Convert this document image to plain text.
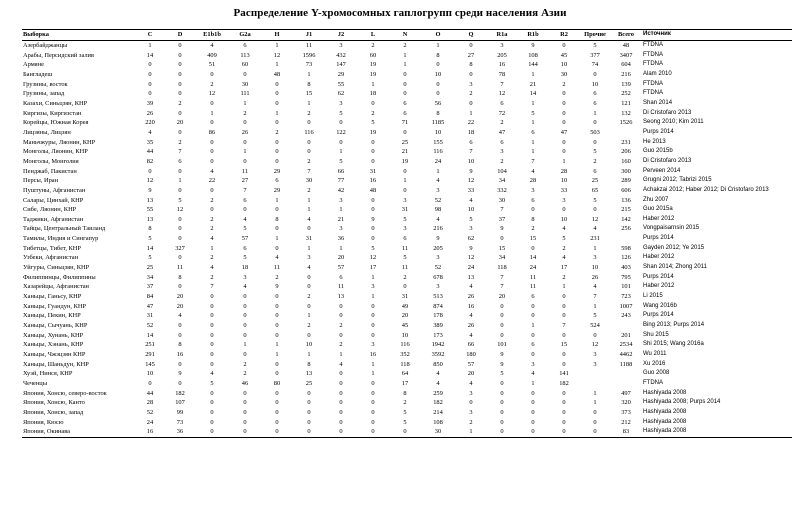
Распределение Y-хромосомных гаплогрупп среди населения Азии
Выборка	C	D	E1b1b	G2a	H	J1	J2	L	N	O	Q	R1a	R1b	R2	Прочие	Всего	Источник
Азербайджанцы	1	0	4	6	1	11	3	2	2	1	0	3	9	0	5	48	FTDNA
Арабы, Персидский залив	14	0	409	113	12	1596	432	60	1	8	27	205	108	45	377	3407	FTDNA
Армяне	0	0	51	60	1	73	147	19	1	0	8	16	144	10	74	604	FTDNA
Бангладеш	0	0	0	0	48	1	29	19	0	10	0	78	1	30	0	216	Alam 2010
Грузины, восток	0	0	2	30	0	8	55	1	0	0	3	7	21	2	10	139	FTDNA
Грузины, запад	0	0	12	111	0	15	62	18	0	0	2	12	14	0	6	252	FTDNA
Казахи, Синьцзян, КНР	39	2	0	1	0	1	3	0	6	56	0	6	1	0	6	121	Shan 2014
Киргизы, Киргизстан	26	0	1	2	1	2	5	2	6	8	1	72	5	0	1	132	Di Cristofaro 2013
Корейцы, Южная Корея	220	20	0	0	0	0	0	5	71	1185	22	2	1	0	0	1526	Seong 2010; Kim 2011
Лицзяны, Лицзян	4	0	86	26	2	116	122	19	0	10	18	47	6	47	503		Purps 2014
Маньчжуры, Ляонин, КНР	35	2	0	0	0	0	0	0	25	155	6	6	1	0	0	231	He 2013
Монголы, Ляонин, КНР	44	7	0	1	0	0	1	0	21	116	7	3	1	0	5	206	Guo 2015b
Монголы, Монголия	82	6	0	0	0	2	5	0	19	24	10	2	7	1	2	160	Di Cristofaro 2013
Пенджаб, Пакистан	0	0	4	11	29	7	66	31	0	1	9	104	4	28	6	300	Perveen 2014
Персы, Иран	12	1	22	27	6	30	77	16	1	4	12	34	28	10	25	289	Grugni 2012; Tabrizi 2015
Пуштуны, Афганистан	9	0	0	7	29	2	42	48	0	3	33	332	3	33	65	606	Achakzai 2012; Haber 2012; Di Cristofaro 2013
Салары, Цинхай, КНР	13	5	2	6	1	1	3	0	3	52	4	30	6	3	5	136	Zhu 2007
Сибе, Ляонин, КНР	55	12	0	0	0	1	1	0	31	98	10	7	0	0	0	215	Guo 2015a
Таджики, Афганистан	13	0	2	4	8	4	21	9	5	4	5	37	8	10	12	142	Haber 2012
Тайцы, Центральный Таиланд	8	0	2	5	0	0	3	0	3	216	3	9	2	4	4	256	Vongpaisarnsin 2015
Тамилы, Индия и Сингапур	5	0	4	57	1	31	36	0	6	9	62	0	15	5	231		Purps 2014
Тибетцы, Тибет, КНР	14	327	1	6	0	1	1	5	11	205	9	15	0	2	1	598	Gayden 2012; Ye 2015
Узбеки, Афганистан	5	0	2	5	4	3	20	12	5	3	12	34	14	4	3	126	Haber 2012
Уйгуры, Синьцзян, КНР	25	11	4	18	11	4	57	17	11	52	24	118	24	17	10	403	Shan 2014; Zhong 2011
Филиппинцы, Филиппины	34	8	2	3	2	0	6	1	2	678	13	7	11	2	26	795	Purps 2014
Хазарейцы, Афганистан	37	0	7	4	9	0	11	3	0	3	4	7	11	1	4	101	Haber 2012
Ханьцы, Ганьсу, КНР	84	20	0	0	0	2	13	1	31	513	26	20	6	0	7	723	Li 2015
Ханьцы, Гуандун, КНР	47	20	0	0	0	0	0	0	49	874	16	0	0	0	1	1007	Wang 2016b
Ханьцы, Пекин, КНР	31	4	0	0	0	1	0	0	20	178	4	0	0	0	5	243	Purps 2014
Ханьцы, Сычуань, КНР	52	0	0	0	0	2	2	0	45	389	26	0	1	7	524		Bing 2013; Purps 2014
Ханьцы, Хунань, КНР	14	0	0	0	0	0	0	0	10	173	4	0	0	0	0	201	Shu 2015
Ханьцы, Хэнань, КНР	251	8	0	1	1	10	2	3	116	1942	66	101	6	15	12	2534	Shi 2015; Wang 2016a
Ханьцы, Чжэцзян КНР	291	16	0	0	1	1	1	16	352	3592	180	9	0	0	3	4462	Wu 2011
Ханьцы, Шаньдун, КНР	145	0	0	2	0	8	4	1	118	850	57	9	3	0	3	1188	Xu 2016
Хуэй, Нинся, КНР	10	9	4	2	0	13	0	1	64	4	20	5	4	141			Guo 2008
Чеченцы	0	0	5	46	80	25	0	0	17	4	4	0	1	182			FTDNA
Япония, Хонсю, северо-восток	44	182	0	0	0	0	0	0	8	259	3	0	0	0	1	497	Hashiyada 2008
Япония, Хонсю, Канто	28	107	0	0	0	0	0	0	2	182	0	0	0	0	1	320	Hashiyada 2008; Purps 2014
Япония, Хонсю, запад	52	99	0	0	0	0	0	0	5	214	3	0	0	0	0	373	Hashiyada 2008
Япония, Кюсю	24	73	0	0	0	0	0	0	5	108	2	0	0	0	0	212	Hashiyada 2008
Япония, Окинава	16	36	0	0	0	0	0	0	0	30	1	0	0	0	0	83	Hashiyada 2008
